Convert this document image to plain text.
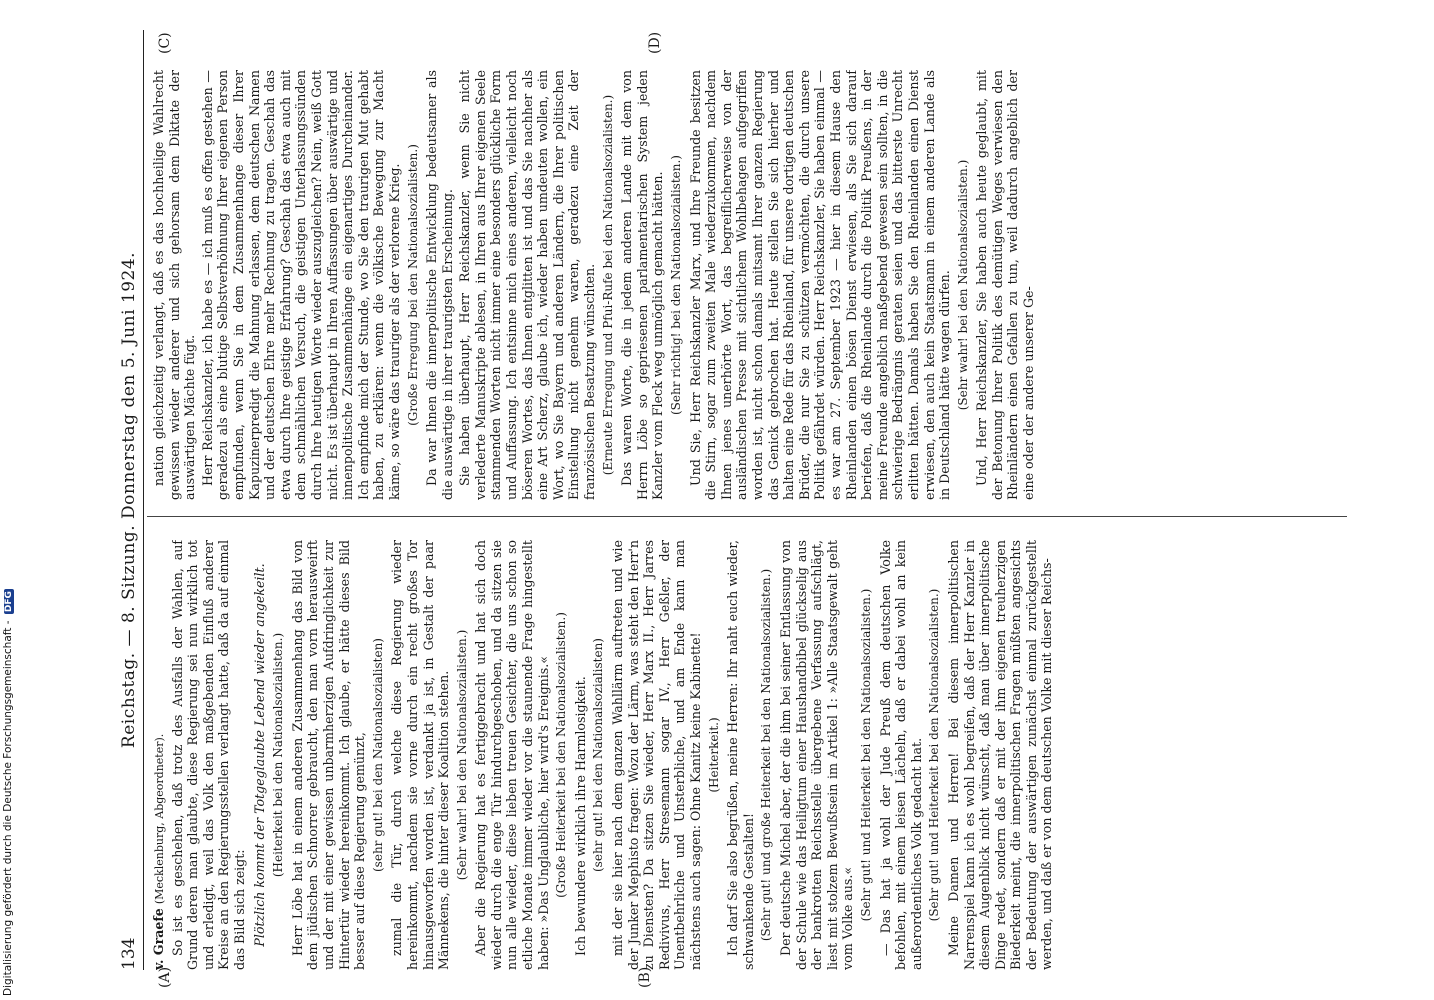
134
Reichstag. — 8. Sitzung. Donnerstag den 5. Juni 1924.
(A)	(B)
(C)	(D)

v. Graefe (Mecklenburg, Abgeordneter). So ist es geschehen, daß trotz des Ausfalls der Wahlen, auf Grund deren man glaubte, diese Regierung sei nun wirklich tot und erledigt, weil das Volk den maßgebenden Einfluß anderer Kreise an den Regierungsstellen verlangt hatte, daß da auf einmal das Bild sich zeigt: Plötzlich kommt der Totgeglaubte Lebend wieder angekeilt. (Heiterkeit bei den Nationalsozialisten.) Herr Löbe hat in einem anderen Zusammenhang das Bild von dem jüdischen Schnorrer gebraucht, den man vorn herausweirft und der mit einer gewissen unbarmherzigen Aufdringlichkeit zur Hintertür wieder hereinkommt. Ich glaube, er hätte dieses Bild besser auf diese Regierung gemünzt, (sehr gut! bei den Nationalsozialisten) zumal die Tür, durch welche diese Regierung wieder hereinkommt, nachdem sie vorne durch ein recht großes Tor hinausgeworfen worden ist, verdankt ja ist, in Gestalt der paar Männekens, die hinter dieser Koalition stehen. (Sehr wahr! bei den Nationalsozialisten.) Aber die Regierung hat es fertiggebracht und hat sich doch wieder durch die enge Tür hindurchgeschoben, und da sitzen sie nun alle wieder, diese lieben treuen Gesichter, die uns schon so etliche Monate immer wieder vor die staunende Frage hingestellt haben: »Das Unglaubliche, hier wird's Ereignis.« (Große Heiterkeit bei den Nationalsozialisten.) Ich bewundere wirklich ihre Harmlosigkeit. (sehr gut! bei den Nationalsozialisten) mit der sie hier nach dem ganzen Wahllärm auftreten und wie der Junker Mephisto fragen: Wozu der Lärm, was steht den Herr'n zu Diensten? Da sitzen Sie wieder, Herr Marx II., Herr Jarres Redivivus, Herr Stresemann sogar IV., Herr Geßler, der Unentbehrliche und Unsterbliche, und am Ende kann man nächstens auch sagen: Ohne Kanitz keine Kabinette! (Heiterkeit.) Ich darf Sie also begrüßen, meine Herren: Ihr naht euch wieder, schwankende Gestalten! (Sehr gut! und große Heiterkeit bei den Nationalsozialisten.) Der deutsche Michel aber, der die ihm bei seiner Entlassung von der Schule wie das Heiligtum einer Haushandbibel glückselig aus der bankrotten Reichsstelle übergebene Verfassung aufschlägt, liest mit stolzem Bewußtsein im Artikel 1: »Alle Staatsgewalt geht vom Volke aus.« (Sehr gut! und Heiterkeit bei den Nationalsozialisten.) — Das hat ja wohl der Jude Preuß dem deutschen Volke befohlen, mit einem leisen Lächeln, daß er dabei wohl an kein außerordentliches Volk gedacht hat. (Sehr gut! und Heiterkeit bei den Nationalsozialisten.) Meine Damen und Herren! Bei diesem innerpolitischen Narrenspiel kann ich es wohl begreifen, daß der Herr Kanzler in diesem Augenblick nicht wünscht, daß man über innerpolitische Dinge redet, sondern daß er mit der ihm eigenen treuherzigen Biederkeit meint, die innerpolitischen Fragen müßten angesichts der Bedeutung der auswärtigen zunächst einmal zurückgestellt werden, und daß er von dem deutschen Volke mit dieser Reichs-

nation gleichzeitig verlangt, daß es das hochheilige Wahlrecht gewissen wieder anderer und sich gehorsam dem Diktate der auswärtigen Mächte fügt. Herr Reichskanzler, ich habe es — ich muß es offen gestehen — geradezu als eine blutige Selbstverhöhnung Ihrer eigenen Person empfunden, wenn Sie in dem Zusammenhange dieser Ihrer Kapuzinerpredigt die Mahnung erlassen, dem deutschen Namen und der deutschen Ehre mehr Rechnung zu tragen. Geschah das etwa durch Ihre geistige Erfahrung? Geschah das etwa auch mit dem schmählichen Versuch, die geistigen Unterlassungssünden durch Ihre heutigen Worte wieder auszugleichen? Nein, weiß Gott nicht. Es ist überhaupt in Ihren Auffassungen über auswärtige und innenpolitische Zusammenhänge ein eigenartiges Durcheinander. Ich empfinde mich der Stunde, wo Sie den traurigen Mut gehabt haben, zu erklären: wenn die völkische Bewegung zur Macht käme, so wäre das trauriger als der verlorene Krieg. (Große Erregung bei den Nationalsozialisten.) Da war Ihnen die innerpolitische Entwicklung bedeutsamer als die auswärtige in ihrer traurigsten Erscheinung. Sie haben überhaupt, Herr Reichskanzler, wenn Sie nicht verlederte Manuskripte ablesen, in Ihren aus Ihrer eigenen Seele stammenden Worten nicht immer eine besonders glückliche Form und Auffassung. Ich entsinne mich eines anderen, vielleicht noch böseren Wortes, das Ihnen entglitten ist und das Sie nachher als eine Art Scherz, glaube ich, wieder haben umdeuten wollen, ein Wort, wo Sie Bayern und anderen Ländern, die Ihrer politischen Einstellung nicht genehm waren, geradezu eine Zeit der französischen Besatzung wünschten. (Erneute Erregung und Pfui-Rufe bei den Nationalsozialisten.) Das waren Worte, die in jedem anderen Lande mit dem von Herrn Löbe so gepriesenen parlamentarischen System jeden Kanzler vom Fleck weg unmöglich gemacht hätten. (Sehr richtig! bei den Nationalsozialisten.) Und Sie, Herr Reichskanzler Marx, und Ihre Freunde besitzen die Stirn, sogar zum zweiten Male wiederzukommen, nachdem Ihnen jenes unerhörte Wort, das begreiflicherweise von der ausländischen Presse mit sichtlichem Wohlbehagen aufgegriffen worden ist, nicht schon damals mitsamt Ihrer ganzen Regierung das Genick gebrochen hat. Heute stellen Sie sich hierher und halten eine Rede für das Rheinland, für unsere dortigen deutschen Brüder, die nur Sie zu schützen vermöchten, die durch unsere Politik gefährdet würden. Herr Reichskanzler, Sie haben einmal — es war am 27. September 1923 — hier in diesem Hause den Rheinlanden einen bösen Dienst erwiesen, als Sie sich darauf beriefen, daß die Rheinlande durch die Politik Preußens, in der meine Freunde angeblich maßgebend gewesen sein sollten, in die schwierige Bedrängnis geraten seien und das bitterste Unrecht erlitten hätten. Damals haben Sie den Rheinlanden einen Dienst erwiesen, den auch kein Staatsmann in einem anderen Lande als in Deutschland hätte wagen dürfen. (Sehr wahr! bei den Nationalsozialisten.) Und, Herr Reichskanzler, Sie haben auch heute geglaubt, mit der Betonung Ihrer Politik des demütigen Weges verwiesen den Rheinländern einen Gefallen zu tun, weil dadurch angeblich der eine oder der andere unserer Ge-

Digitalisierung gefördert durch die Deutsche Forschungsgemeinschaft - DFG
